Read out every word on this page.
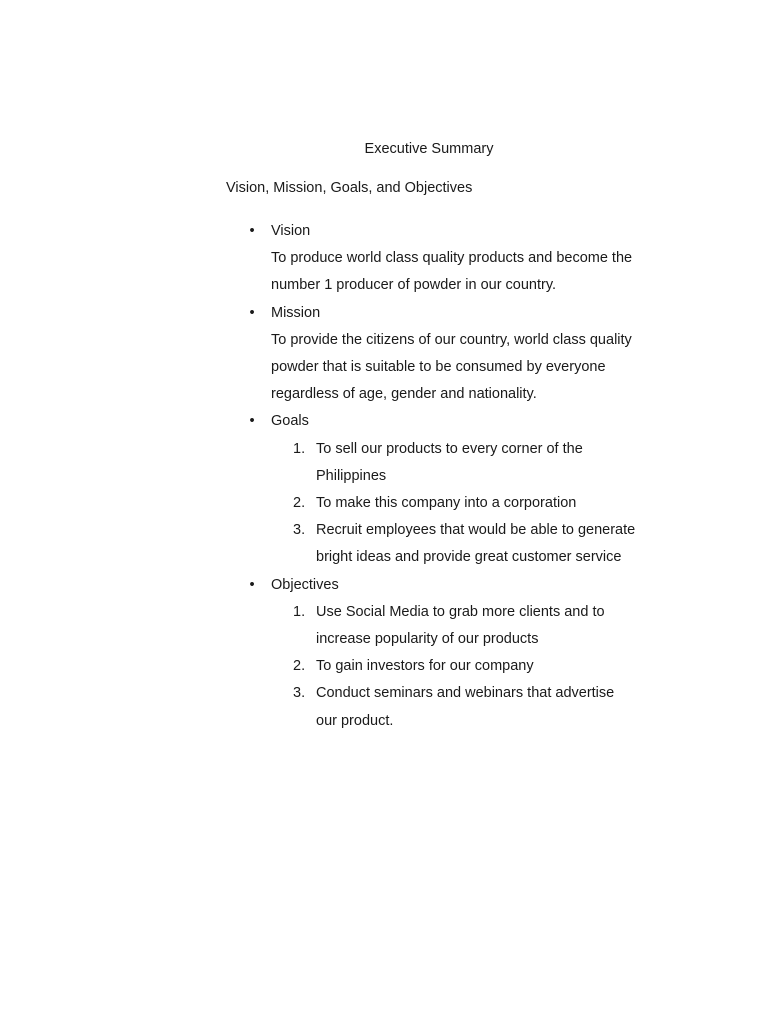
Executive Summary
Vision, Mission, Goals, and Objectives
• Vision
To produce world class quality products and become the number 1 producer of powder in our country.
• Mission
To provide the citizens of our country, world class quality powder that is suitable to be consumed by everyone regardless of age, gender and nationality.
• Goals
1. To sell our products to every corner of the Philippines
2. To make this company into a corporation
3. Recruit employees that would be able to generate bright ideas and provide great customer service
• Objectives
1. Use Social Media to grab more clients and to increase popularity of our products
2. To gain investors for our company
3. Conduct seminars and webinars that advertise our product.
